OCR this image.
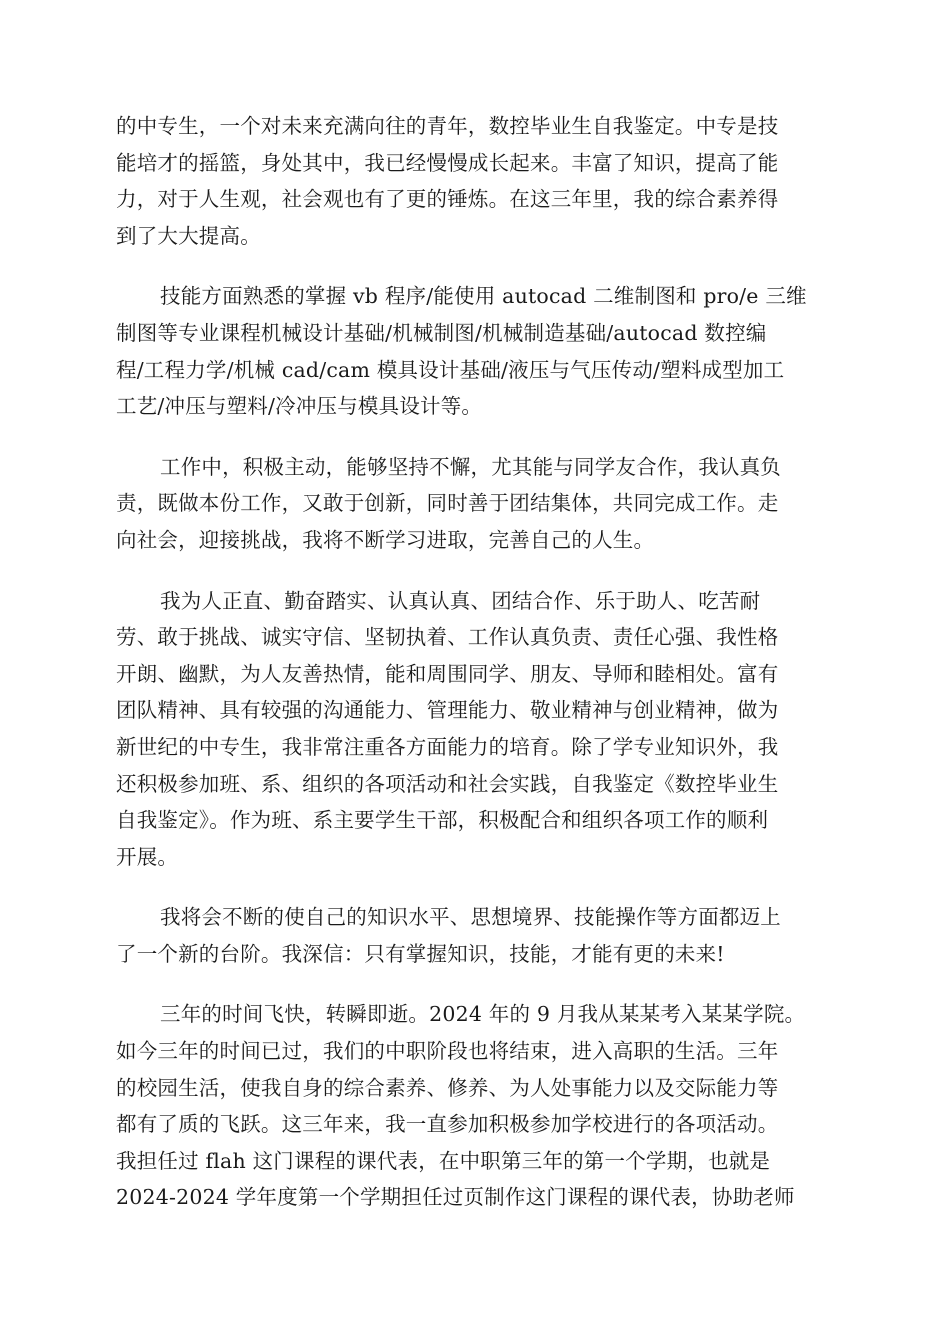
的中专生，一个对未来充满向往的青年，数控毕业生自我鉴定。中专是技
能培才的摇篮，身处其中，我已经慢慢成长起来。丰富了知识，提高了能
力，对于人生观，社会观也有了更的锤炼。在这三年里，我的综合素养得
到了大大提高。

技能方面熟悉的掌握 vb 程序/能使用 autocad 二维制图和 pro/e 三维
制图等专业课程机械设计基础/机械制图/机械制造基础/autocad 数控编
程/工程力学/机械 cad/cam 模具设计基础/液压与气压传动/塑料成型加工
工艺/冲压与塑料/冷冲压与模具设计等。

工作中，积极主动，能够坚持不懈，尤其能与同学友合作，我认真负
责，既做本份工作，又敢于创新，同时善于团结集体，共同完成工作。走
向社会，迎接挑战，我将不断学习进取，完善自己的人生。

我为人正直、勤奋踏实、认真认真、团结合作、乐于助人、吃苦耐
劳、敢于挑战、诚实守信、坚韧执着、工作认真负责、责任心强、我性格
开朗、幽默，为人友善热情，能和周围同学、朋友、导师和睦相处。富有
团队精神、具有较强的沟通能力、管理能力、敬业精神与创业精神，做为
新世纪的中专生，我非常注重各方面能力的培育。除了学专业知识外，我
还积极参加班、系、组织的各项活动和社会实践，自我鉴定《数控毕业生
自我鉴定》。作为班、系主要学生干部，积极配合和组织各项工作的顺利
开展。

我将会不断的使自己的知识水平、思想境界、技能操作等方面都迈上
了一个新的台阶。我深信：只有掌握知识，技能，才能有更的未来!

三年的时间飞快，转瞬即逝。2024 年的 9 月我从某某考入某某学院。
如今三年的时间已过，我们的中职阶段也将结束，进入高职的生活。三年
的校园生活，使我自身的综合素养、修养、为人处事能力以及交际能力等
都有了质的飞跃。这三年来，我一直参加积极参加学校进行的各项活动。
我担任过 flah 这门课程的课代表，在中职第三年的第一个学期，也就是
2024-2024 学年度第一个学期担任过页制作这门课程的课代表，协助老师
